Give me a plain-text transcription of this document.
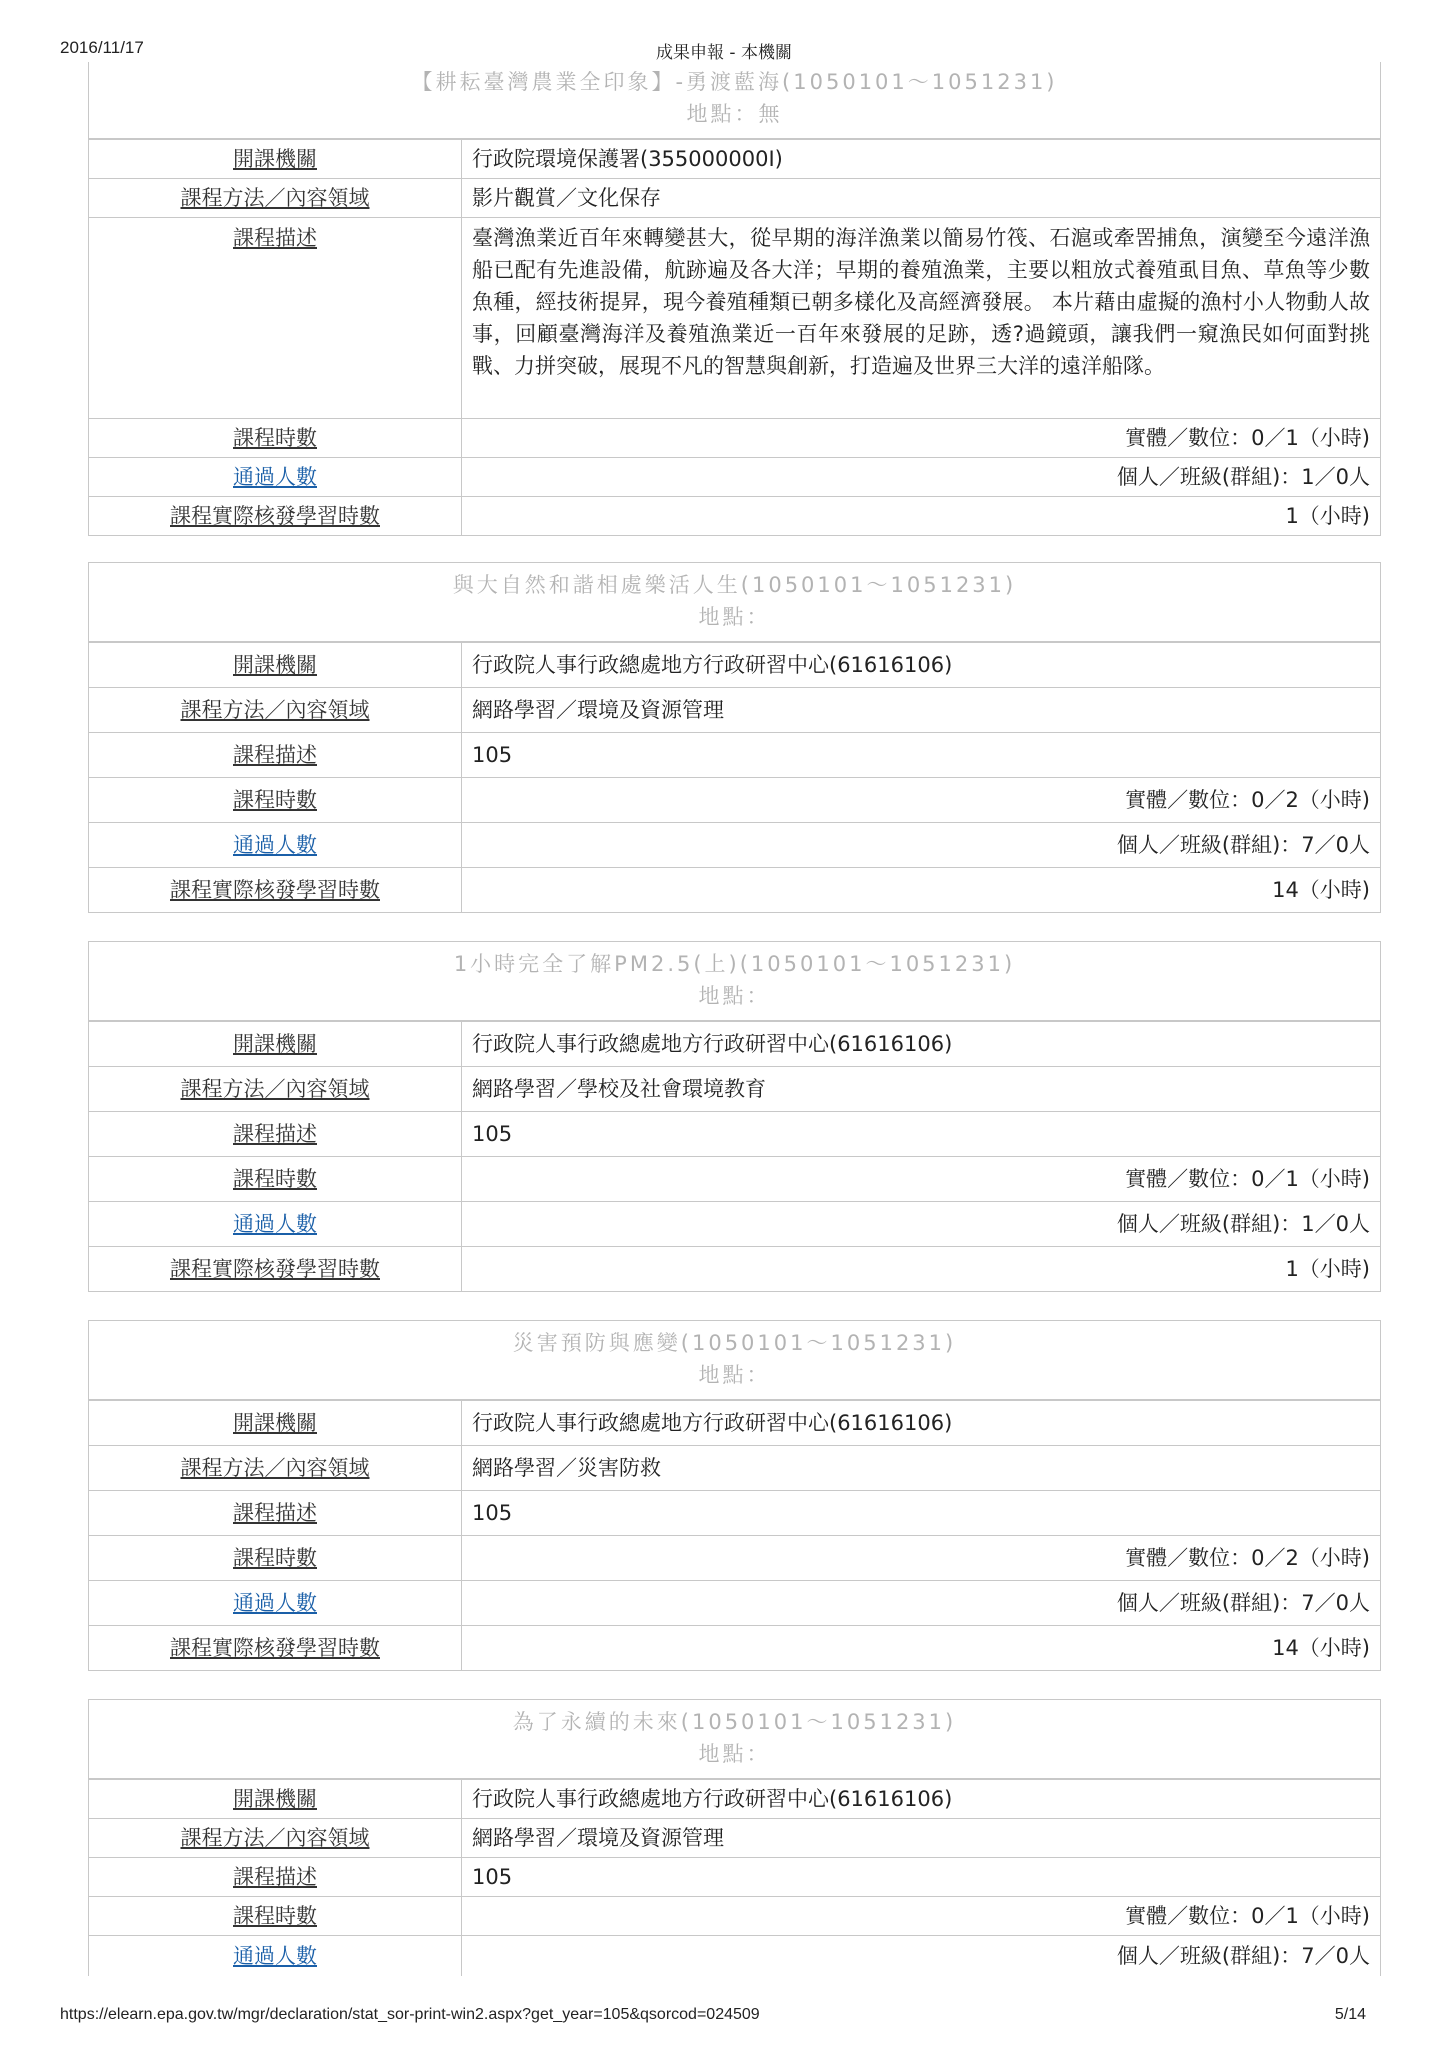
2016/11/17	成果申報 - 本機關
【耕耘臺灣農業全印象】-勇渡藍海(1050101～1051231)
地點：無
開課機關	行政院環境保護署(355000000I)
課程方法／內容領域	影片觀賞／文化保存
課程描述	臺灣漁業近百年來轉變甚大，從早期的海洋漁業以簡易竹筏、石滬或牽罟捕魚，演變至今遠洋漁船已配有先進設備，航跡遍及各大洋；早期的養殖漁業，主要以粗放式養殖虱目魚、草魚等少數魚種，經技術提昇，現今養殖種類已朝多樣化及高經濟發展。 本片藉由虛擬的漁村小人物動人故事，回顧臺灣海洋及養殖漁業近一百年來發展的足跡，透?過鏡頭，讓我們一窺漁民如何面對挑戰、力拼突破，展現不凡的智慧與創新，打造遍及世界三大洋的遠洋船隊。
課程時數	實體／數位：0／1（小時)
通過人數	個人／班級(群組)：1／0人
課程實際核發學習時數	1（小時)
與大自然和諧相處樂活人生(1050101～1051231)
地點：
開課機關	行政院人事行政總處地方行政研習中心(61616106)
課程方法／內容領域	網路學習／環境及資源管理
課程描述	105
課程時數	實體／數位：0／2（小時)
通過人數	個人／班級(群組)：7／0人
課程實際核發學習時數	14（小時)
1小時完全了解PM2.5(上)(1050101～1051231)
地點：
開課機關	行政院人事行政總處地方行政研習中心(61616106)
課程方法／內容領域	網路學習／學校及社會環境教育
課程描述	105
課程時數	實體／數位：0／1（小時)
通過人數	個人／班級(群組)：1／0人
課程實際核發學習時數	1（小時)
災害預防與應變(1050101～1051231)
地點：
開課機關	行政院人事行政總處地方行政研習中心(61616106)
課程方法／內容領域	網路學習／災害防救
課程描述	105
課程時數	實體／數位：0／2（小時)
通過人數	個人／班級(群組)：7／0人
課程實際核發學習時數	14（小時)
為了永續的未來(1050101～1051231)
地點：
開課機關	行政院人事行政總處地方行政研習中心(61616106)
課程方法／內容領域	網路學習／環境及資源管理
課程描述	105
課程時數	實體／數位：0／1（小時)
通過人數	個人／班級(群組)：7／0人
https://elearn.epa.gov.tw/mgr/declaration/stat_sor-print-win2.aspx?get_year=105&qsorcod=024509	5/14
